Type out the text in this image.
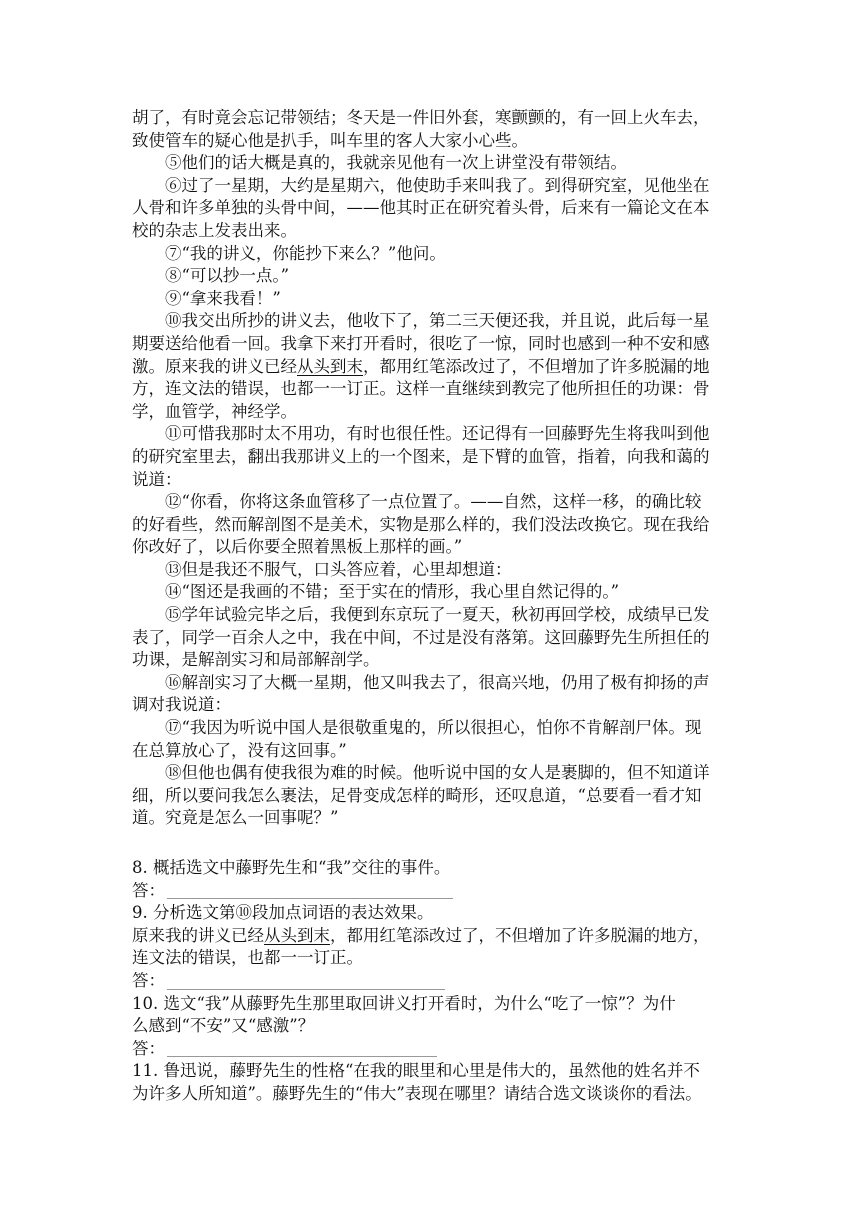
胡了，有时竟会忘记带领结；冬天是一件旧外套，寒颤颤的，有一回上火车去，
致使管车的疑心他是扒手，叫车里的客人大家小心些。
⑤他们的话大概是真的，我就亲见他有一次上讲堂没有带领结。
⑥过了一星期，大约是星期六，他使助手来叫我了。到得研究室，见他坐在
人骨和许多单独的头骨中间，——他其时正在研究着头骨，后来有一篇论文在本
校的杂志上发表出来。
⑦“我的讲义，你能抄下来么？”他问。
⑧“可以抄一点。”
⑨“拿来我看！”
⑩我交出所抄的讲义去，他收下了，第二三天便还我，并且说，此后每一星
期要送给他看一回。我拿下来打开看时，很吃了一惊，同时也感到一种不安和感
激。原来我的讲义已经从头到末，都用红笔添改过了，不但增加了许多脱漏的地
方，连文法的错误，也都一一订正。这样一直继续到教完了他所担任的功课：骨
学，血管学，神经学。
⑪可惜我那时太不用功，有时也很任性。还记得有一回藤野先生将我叫到他
的研究室里去，翻出我那讲义上的一个图来，是下臂的血管，指着，向我和蔼的
说道：
⑫“你看，你将这条血管移了一点位置了。——自然，这样一移，的确比较
的好看些，然而解剖图不是美术，实物是那么样的，我们没法改换它。现在我给
你改好了，以后你要全照着黑板上那样的画。”
⑬但是我还不服气，口头答应着，心里却想道：
⑭“图还是我画的不错；至于实在的情形，我心里自然记得的。”
⑮学年试验完毕之后，我便到东京玩了一夏天，秋初再回学校，成绩早已发
表了，同学一百余人之中，我在中间，不过是没有落第。这回藤野先生所担任的
功课，是解剖实习和局部解剖学。
⑯解剖实习了大概一星期，他又叫我去了，很高兴地，仍用了极有抑扬的声
调对我说道：
⑰“我因为听说中国人是很敬重鬼的，所以很担心，怕你不肯解剖尸体。现
在总算放心了，没有这回事。”
⑱但他也偶有使我很为难的时候。他听说中国的女人是裹脚的，但不知道详
细，所以要问我怎么裹法，足骨变成怎样的畸形，还叹息道，“总要看一看才知
道。究竟是怎么一回事呢？”
8. 概括选文中藤野先生和“我”交往的事件。
答：
9. 分析选文第⑩段加点词语的表达效果。
原来我的讲义已经从头到末，都用红笔添改过了，不但增加了许多脱漏的地方，
连文法的错误，也都一一订正。
答：
10. 选文“我”从藤野先生那里取回讲义打开看时，为什么“吃了一惊”？为什
么感到“不安”又“感激”？
答：
11. 鲁迅说，藤野先生的性格“在我的眼里和心里是伟大的，虽然他的姓名并不
为许多人所知道”。藤野先生的“伟大”表现在哪里？请结合选文谈谈你的看法。
